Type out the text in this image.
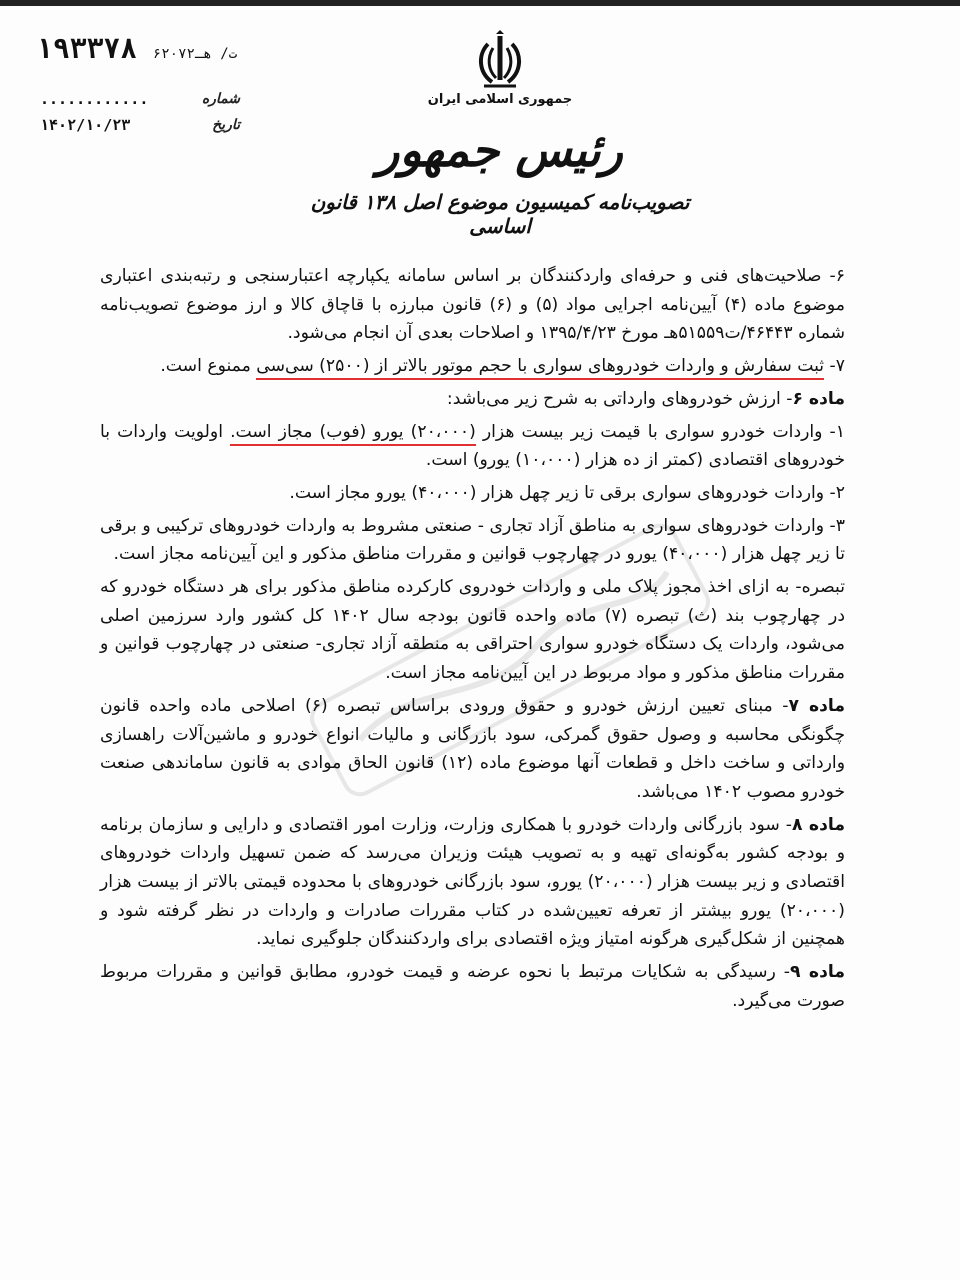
۱۹۳۳۷۸ ۶۲۰۷۲ت/ هـ
شماره
............
تاریخ
۱۴۰۲/۱۰/۲۳
جمهوری اسلامی ایران
رئیس جمهور
تصویب‌نامه کمیسیون موضوع اصل ۱۳۸ قانون اساسی

۶- صلاحیت‌های فنی و حرفه‌ای واردکنندگان بر اساس سامانه یکپارچه اعتبارسنجی و رتبه‌بندی اعتباری موضوع ماده (۴) آیین‌نامه اجرایی مواد (۵) و (۶) قانون مبارزه با قاچاق کالا و ارز موضوع تصویب‌نامه شماره ۴۶۴۴۳/ت۵۱۵۵۹هـ مورخ ۱۳۹۵/۴/۲۳ و اصلاحات بعدی آن انجام می‌شود.

۷- ثبت سفارش و واردات خودروهای سواری با حجم موتور بالاتر از (۲۵۰۰) سی‌سی ممنوع است.

ماده ۶- ارزش خودروهای وارداتی به شرح زیر می‌باشد:

۱- واردات خودرو سواری با قیمت زیر بیست هزار (۲۰،۰۰۰) یورو (فوب) مجاز است. اولویت واردات با خودروهای اقتصادی (کمتر از ده هزار (۱۰،۰۰۰) یورو) است.

۲- واردات خودروهای سواری برقی تا زیر چهل هزار (۴۰،۰۰۰) یورو مجاز است.

۳- واردات خودروهای سواری به مناطق آزاد تجاری - صنعتی مشروط به واردات خودروهای ترکیبی و برقی تا زیر چهل هزار (۴۰،۰۰۰) یورو در چهارچوب قوانین و مقررات مناطق مذکور و این آیین‌نامه مجاز است.

تبصره- به ازای اخذ مجوز پلاک ملی و واردات خودروی کارکرده مناطق مذکور برای هر دستگاه خودرو که در چهارچوب بند (ث) تبصره (۷) ماده واحده قانون بودجه سال ۱۴۰۲ کل کشور وارد سرزمین اصلی می‌شود، واردات یک دستگاه خودرو سواری احتراقی به منطقه آزاد تجاری- صنعتی در چهارچوب قوانین و مقررات مناطق مذکور و مواد مربوط در این آیین‌نامه مجاز است.

ماده ۷- مبنای تعیین ارزش خودرو و حقوق ورودی براساس تبصره (۶) اصلاحی ماده واحده قانون چگونگی محاسبه و وصول حقوق گمرکی، سود بازرگانی و مالیات انواع خودرو و ماشین‌آلات راهسازی وارداتی و ساخت داخل و قطعات آنها موضوع ماده (۱۲) قانون الحاق موادی به قانون ساماندهی صنعت خودرو مصوب ۱۴۰۲ می‌باشد.

ماده ۸- سود بازرگانی واردات خودرو با همکاری وزارت، وزارت امور اقتصادی و دارایی و سازمان برنامه و بودجه کشور به‌گونه‌ای تهیه و به تصویب هیئت وزیران می‌رسد که ضمن تسهیل واردات خودروهای اقتصادی و زیر بیست هزار (۲۰،۰۰۰) یورو، سود بازرگانی خودروهای با محدوده قیمتی بالاتر از بیست هزار (۲۰،۰۰۰) یورو بیشتر از تعرفه تعیین‌شده در کتاب مقررات صادرات و واردات در نظر گرفته شود و همچنین از شکل‌گیری هرگونه امتیاز ویژه اقتصادی برای واردکنندگان جلوگیری نماید.

ماده ۹- رسیدگی به شکایات مرتبط با نحوه عرضه و قیمت خودرو، مطابق قوانین و مقررات مربوط صورت می‌گیرد.
